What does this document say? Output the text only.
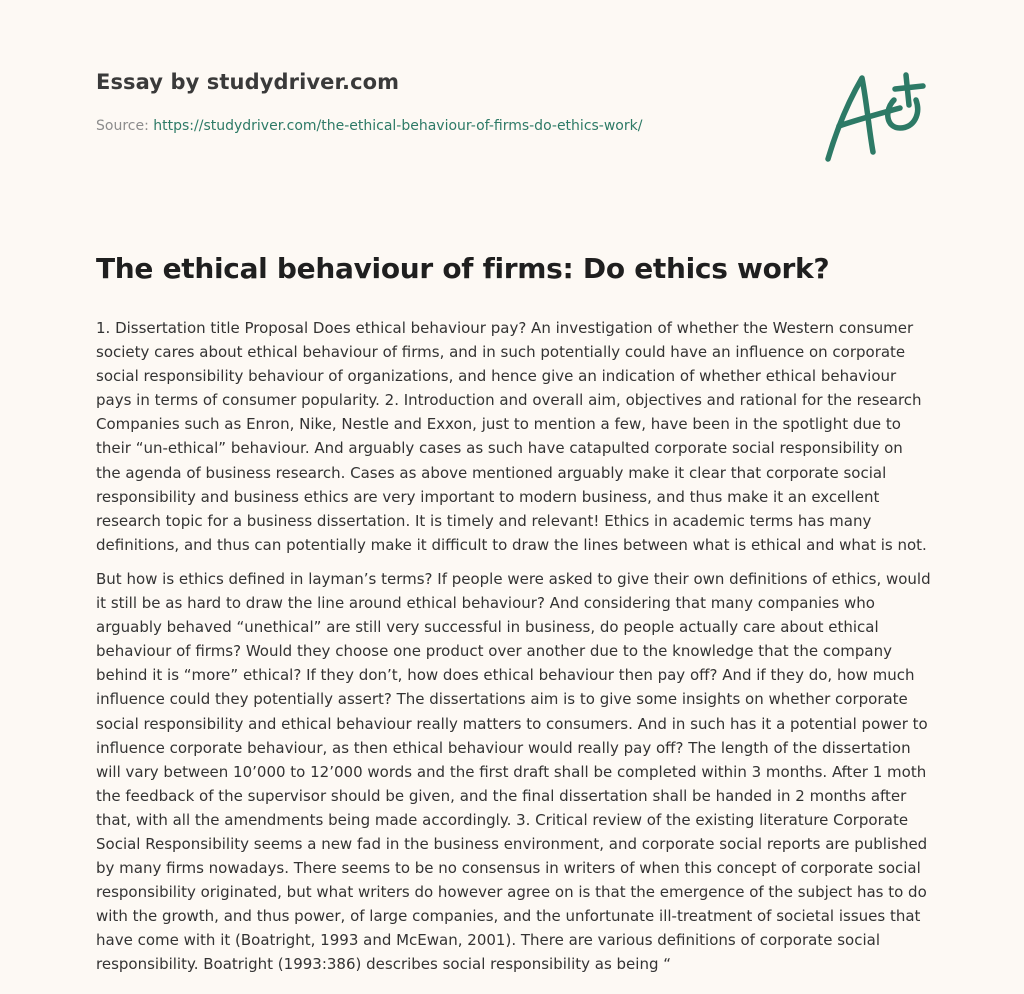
Essay by studydriver.com
Source: https://studydriver.com/the-ethical-behaviour-of-firms-do-ethics-work/
The ethical behaviour of firms: Do ethics work?

1. Dissertation title Proposal Does ethical behaviour pay? An investigation of whether the Western consumer society cares about ethical behaviour of firms, and in such potentially could have an influence on corporate social responsibility behaviour of organizations, and hence give an indication of whether ethical behaviour pays in terms of consumer popularity. 2. Introduction and overall aim, objectives and rational for the research Companies such as Enron, Nike, Nestle and Exxon, just to mention a few, have been in the spotlight due to their “un-ethical” behaviour. And arguably cases as such have catapulted corporate social responsibility on the agenda of business research. Cases as above mentioned arguably make it clear that corporate social responsibility and business ethics are very important to modern business, and thus make it an excellent research topic for a business dissertation. It is timely and relevant! Ethics in academic terms has many definitions, and thus can potentially make it difficult to draw the lines between what is ethical and what is not.

But how is ethics defined in layman’s terms? If people were asked to give their own definitions of ethics, would it still be as hard to draw the line around ethical behaviour? And considering that many companies who arguably behaved “unethical” are still very successful in business, do people actually care about ethical behaviour of firms? Would they choose one product over another due to the knowledge that the company behind it is “more” ethical? If they don’t, how does ethical behaviour then pay off? And if they do, how much influence could they potentially assert? The dissertations aim is to give some insights on whether corporate social responsibility and ethical behaviour really matters to consumers. And in such has it a potential power to influence corporate behaviour, as then ethical behaviour would really pay off? The length of the dissertation will vary between 10’000 to 12’000 words and the first draft shall be completed within 3 months. After 1 moth the feedback of the supervisor should be given, and the final dissertation shall be handed in 2 months after that, with all the amendments being made accordingly. 3. Critical review of the existing literature Corporate Social Responsibility seems a new fad in the business environment, and corporate social reports are published by many firms nowadays. There seems to be no consensus in writers of when this concept of corporate social responsibility originated, but what writers do however agree on is that the emergence of the subject has to do with the growth, and thus power, of large companies, and the unfortunate ill-treatment of societal issues that have come with it (Boatright, 1993 and McEwan, 2001). There are various definitions of corporate social responsibility. Boatright (1993:386) describes social responsibility as being “
